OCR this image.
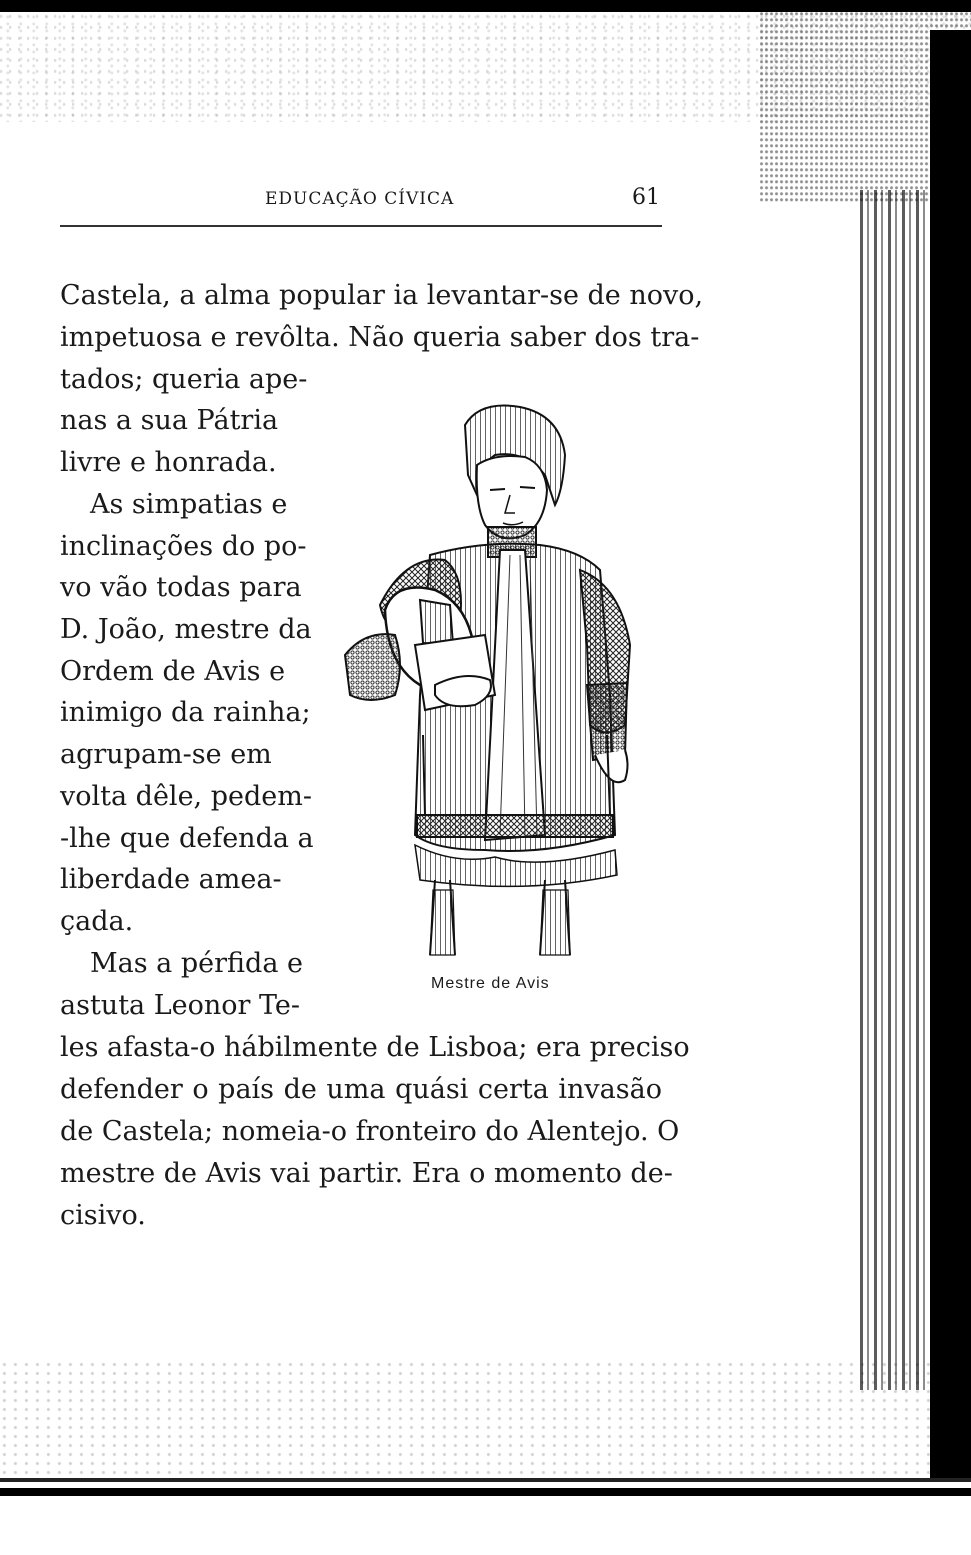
EDUCAÇÃO CÍVICA	61
Castela, a alma popular ia levantar-se de novo,
impetuosa e revôlta. Não queria saber dos tra-
tados; queria ape-
nas a sua Pátria
livre e honrada.
As simpatias e
inclinações do po-
vo vão todas para
D. João, mestre da
Ordem de Avis e
inimigo da rainha;
agrupam-se em
volta dêle, pedem-
-lhe que defenda a
liberdade amea-
çada.
Mas a pérfida e
astuta Leonor Te-
les afasta-o hábilmente de Lisboa; era preciso
defender o país de uma quási certa invasão
de Castela; nomeia-o fronteiro do Alentejo. O
mestre de Avis vai partir. Era o momento de-
cisivo.
Mestre de Avis
